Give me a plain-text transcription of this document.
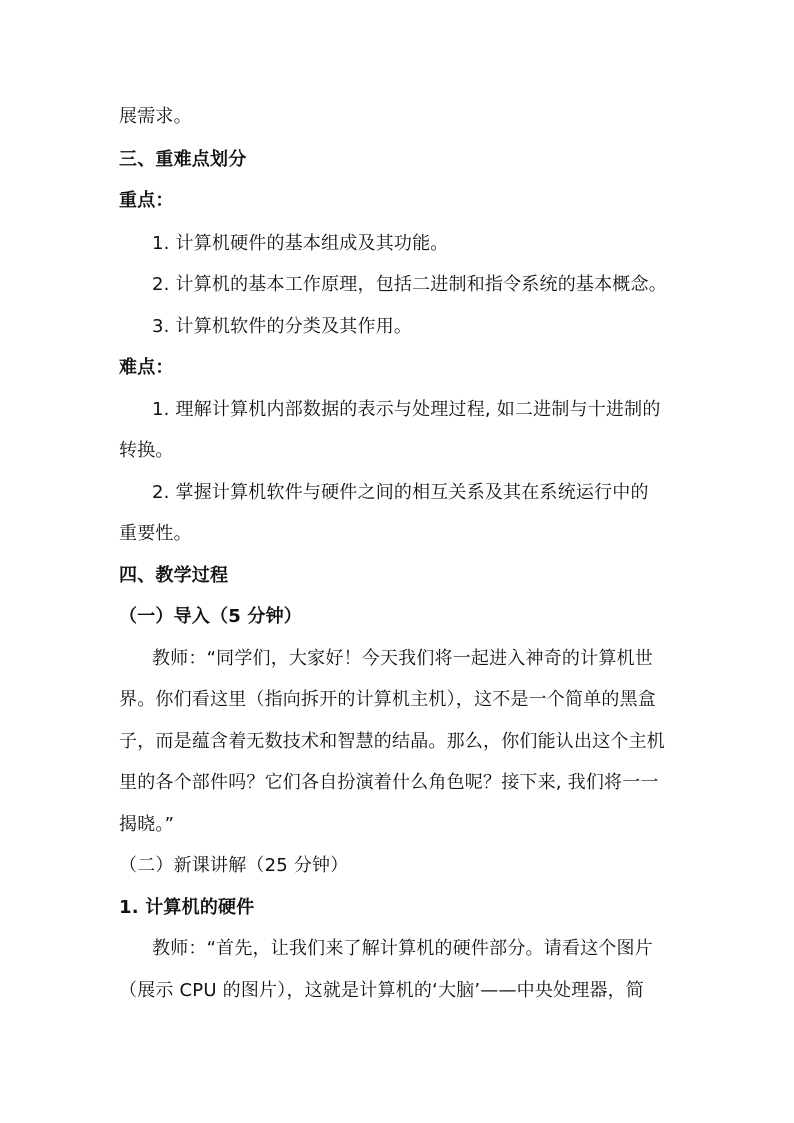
展需求。
三、重难点划分
重点：
1. 计算机硬件的基本组成及其功能。
2. 计算机的基本工作原理，包括二进制和指令系统的基本概念。
3. 计算机软件的分类及其作用。
难点：
1. 理解计算机内部数据的表示与处理过程, 如二进制与十进制的
转换。
2. 掌握计算机软件与硬件之间的相互关系及其在系统运行中的
重要性。
四、教学过程
（一）导入（5 分钟）
教师：“同学们，大家好！今天我们将一起进入神奇的计算机世
界。你们看这里（指向拆开的计算机主机），这不是一个简单的黑盒
子，而是蕴含着无数技术和智慧的结晶。那么，你们能认出这个主机
里的各个部件吗？它们各自扮演着什么角色呢？接下来, 我们将一一
揭晓。”
（二）新课讲解（25 分钟）
1. 计算机的硬件
教师：“首先，让我们来了解计算机的硬件部分。请看这个图片
（展示 CPU 的图片），这就是计算机的‘大脑’——中央处理器，简
